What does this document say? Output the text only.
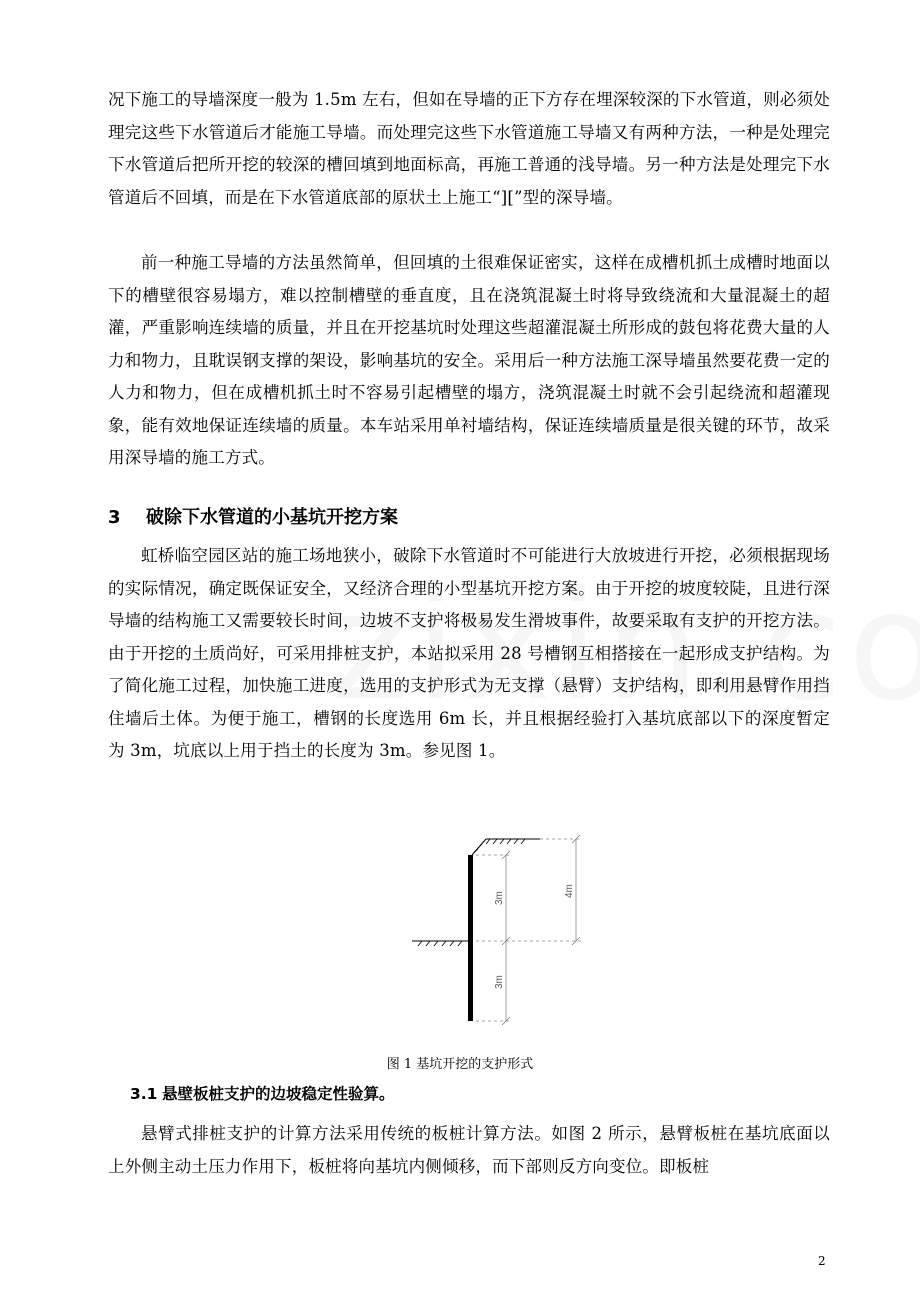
况下施工的导墙深度一般为 1.5m 左右，但如在导墙的正下方存在埋深较深的下水管道，则必须处理完这些下水管道后才能施工导墙。而处理完这些下水管道施工导墙又有两种方法，一种是处理完下水管道后把所开挖的较深的槽回填到地面标高，再施工普通的浅导墙。另一种方法是处理完下水管道后不回填，而是在下水管道底部的原状土上施工“][”型的深导墙。

前一种施工导墙的方法虽然简单，但回填的土很难保证密实，这样在成槽机抓土成槽时地面以下的槽壁很容易塌方，难以控制槽壁的垂直度，且在浇筑混凝土时将导致绕流和大量混凝土的超灌，严重影响连续墙的质量，并且在开挖基坑时处理这些超灌混凝土所形成的鼓包将花费大量的人力和物力，且耽误钢支撑的架设，影响基坑的安全。采用后一种方法施工深导墙虽然要花费一定的人力和物力，但在成槽机抓土时不容易引起槽壁的塌方，浇筑混凝土时就不会引起绕流和超灌现象，能有效地保证连续墙的质量。本车站采用单衬墙结构，保证连续墙质量是很关键的环节，故采用深导墙的施工方式。

3 破除下水管道的小基坑开挖方案

虹桥临空园区站的施工场地狭小，破除下水管道时不可能进行大放坡进行开挖，必须根据现场的实际情况，确定既保证安全，又经济合理的小型基坑开挖方案。由于开挖的坡度较陡，且进行深导墙的结构施工又需要较长时间，边坡不支护将极易发生滑坡事件，故要采取有支护的开挖方法。由于开挖的土质尚好，可采用排桩支护，本站拟采用 28 号槽钢互相搭接在一起形成支护结构。为了简化施工过程，加快施工进度，选用的支护形式为无支撑（悬臂）支护结构，即利用悬臂作用挡住墙后土体。为便于施工，槽钢的长度选用 6m 长，并且根据经验打入基坑底部以下的深度暂定为 3m，坑底以上用于挡土的长度为 3m。参见图 1。

3m
3m
4m

图 1 基坑开挖的支护形式

3.1 悬壁板桩支护的边坡稳定性验算。

悬臂式排桩支护的计算方法采用传统的板桩计算方法。如图 2 所示，悬臂板桩在基坑底面以上外侧主动土压力作用下，板桩将向基坑内侧倾移，而下部则反方向变位。即板桩

2
